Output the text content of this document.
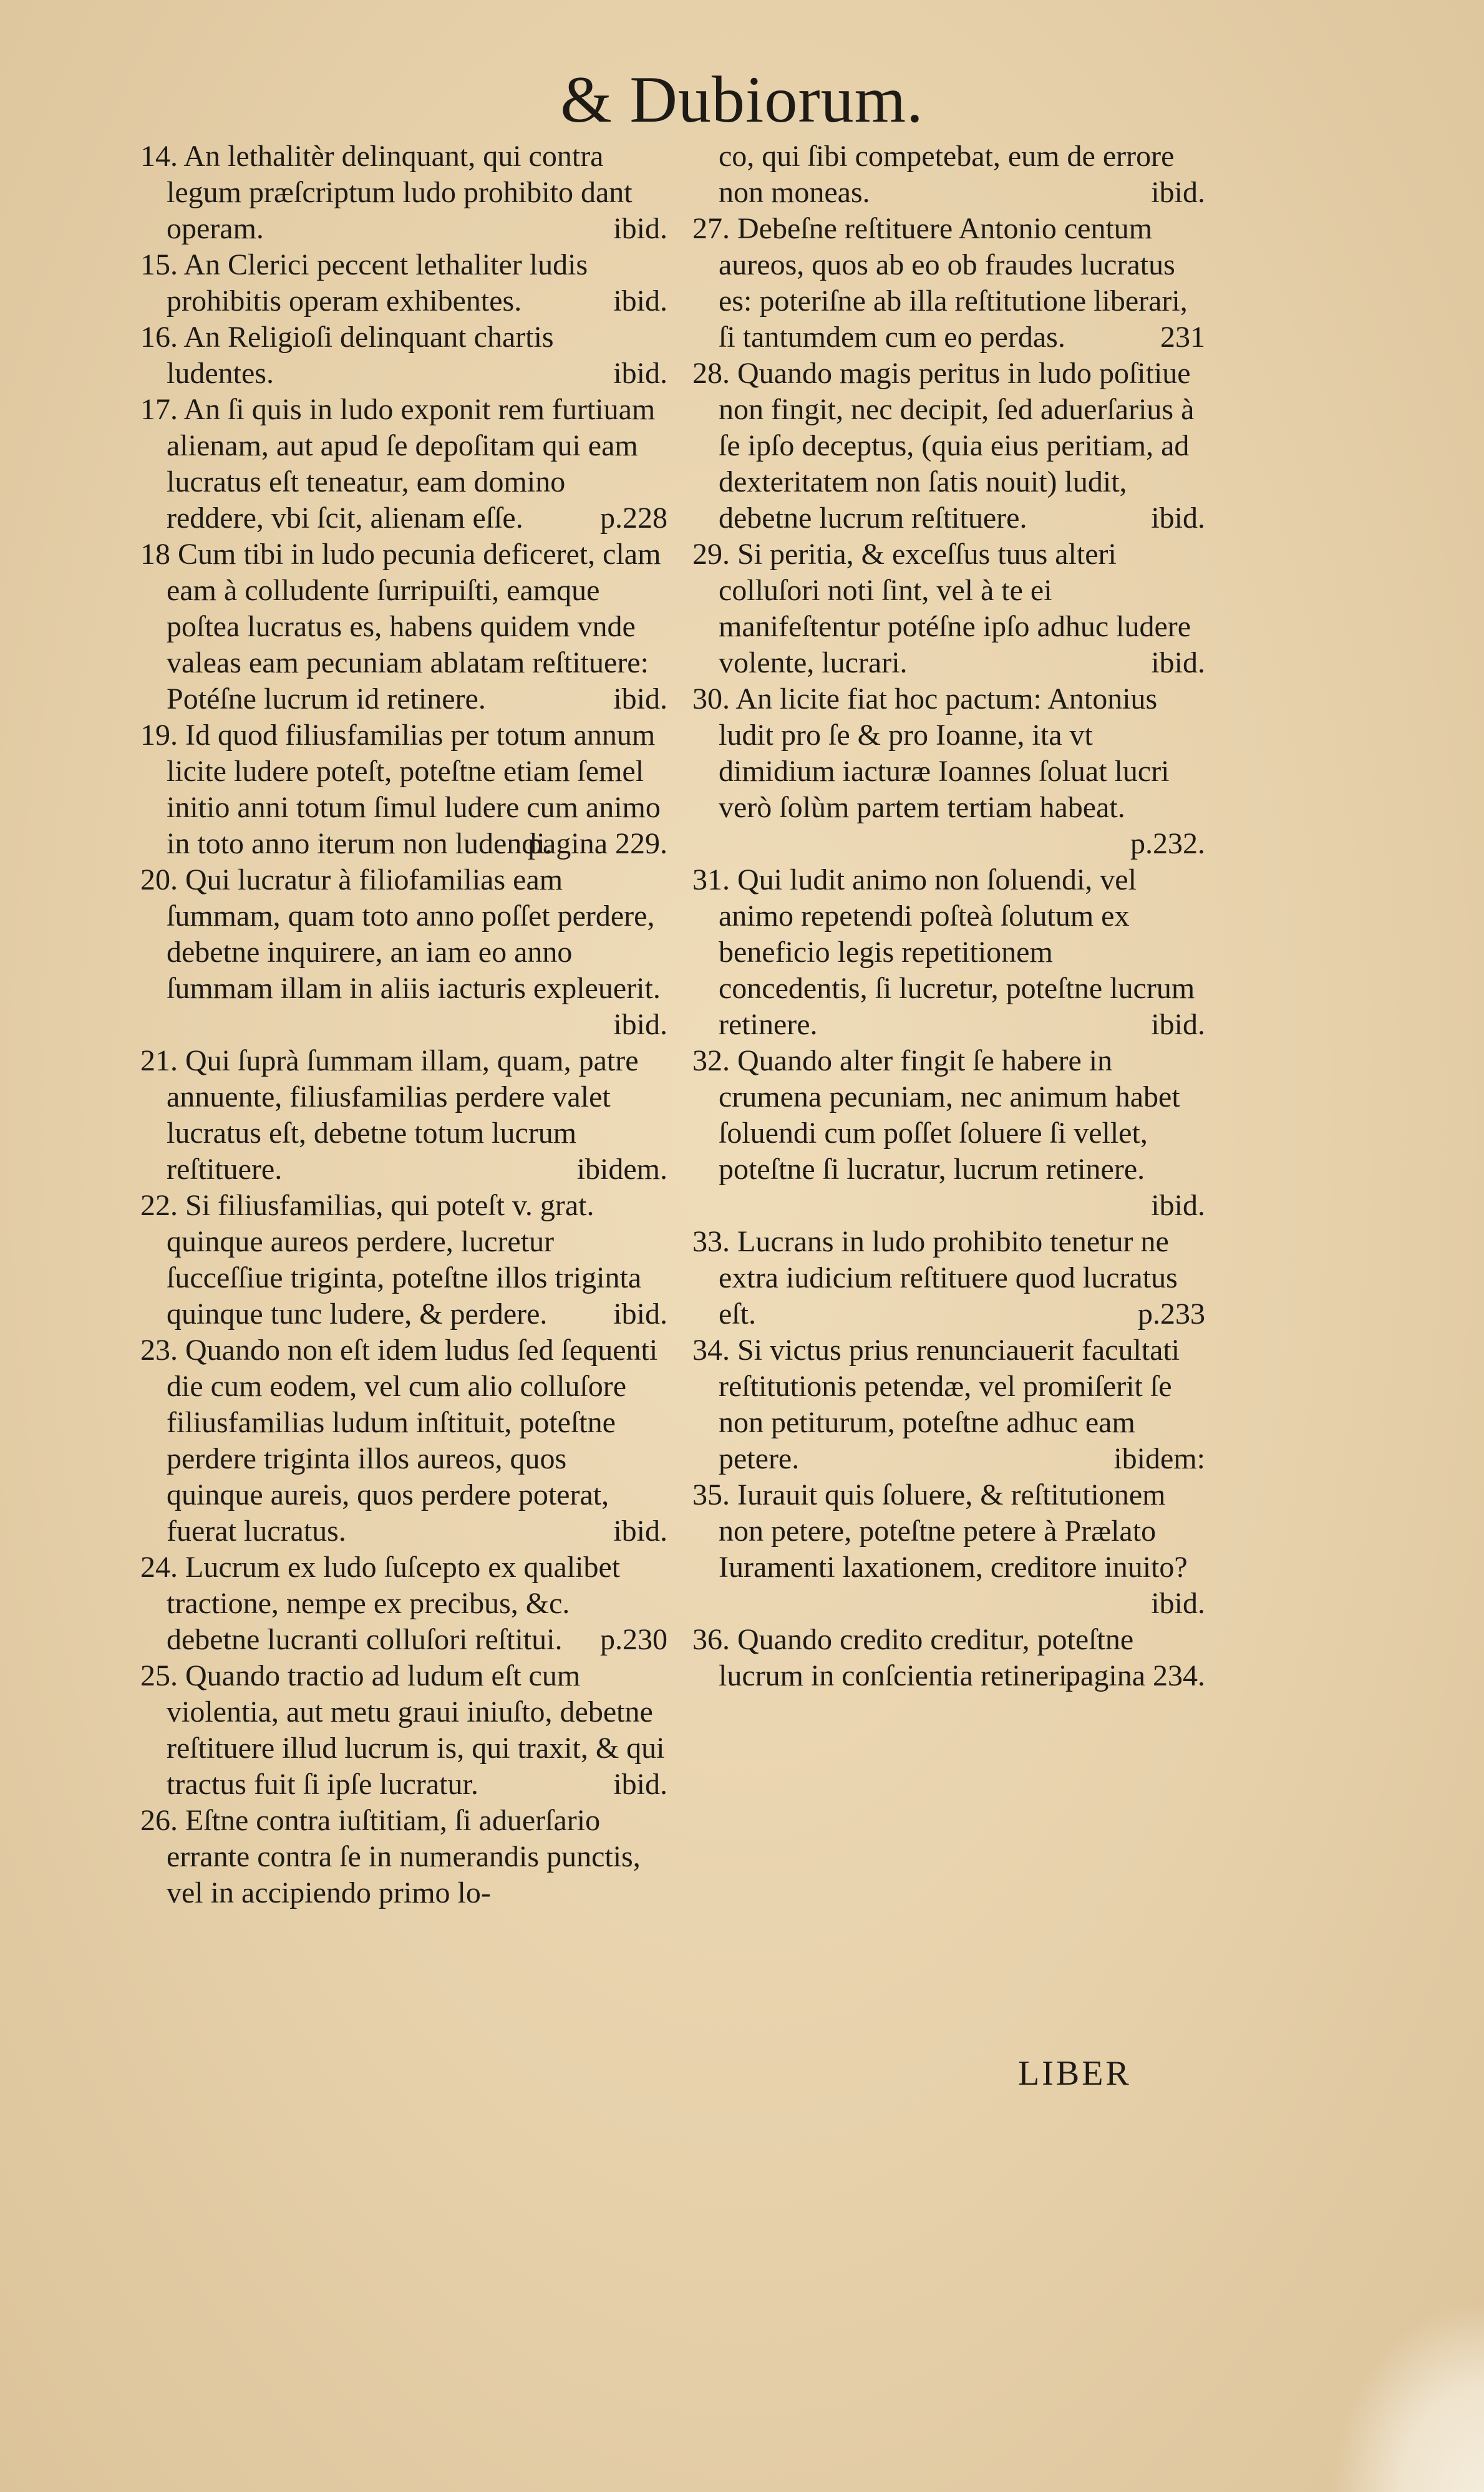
& Dubiorum.

14. An lethalitèr delinquant, qui contra legum præſcriptum ludo prohibito dant operam.	ibid.

15. An Clerici peccent lethaliter ludis prohibitis operam exhibentes.	ibid.

16. An Religioſi delinquant chartis ludentes.	ibid.

17. An ſi quis in ludo exponit rem furtiuam alienam, aut apud ſe depoſitam qui eam lucratus eſt teneatur, eam domino reddere, vbi ſcit, alienam eſſe.	p.228

18 Cum tibi in ludo pecunia deficeret, clam eam à colludente ſurripuiſti, eamque poſtea lucratus es, habens quidem vnde valeas eam pecuniam ablatam reſtituere: Potéſne lucrum id retinere.	ibid.

19. Id quod filiusfamilias per totum annum licite ludere poteſt, poteſtne etiam ſemel initio anni totum ſimul ludere cum animo in toto anno iterum non ludendi.
pagina 229.

20. Qui lucratur à filiofamilias eam ſummam, quam toto anno poſſet perdere, debetne inquirere, an iam eo anno ſummam illam in aliis iacturis expleuerit.
ibid.

21. Qui ſuprà ſummam illam, quam, patre annuente, filiusfamilias perdere valet lucratus eſt, debetne totum lucrum reſtituere.	ibidem.

22. Si filiusfamilias, qui poteſt v. grat. quinque aureos perdere, lucretur ſucceſſiue triginta, poteſtne illos triginta quinque tunc ludere, & perdere. ibid.

23. Quando non eſt idem ludus ſed ſequenti die cum eodem, vel cum alio colluſore filiusfamilias ludum inſtituit, poteſtne perdere triginta illos aureos, quos quinque aureis, quos perdere poterat, fuerat lucratus.	ibid.

24. Lucrum ex ludo ſuſcepto ex qualibet tractione, nempe ex precibus, &c. debetne lucranti colluſori reſtitui. p.230

25. Quando tractio ad ludum eſt cum violentia, aut metu graui iniuſto, debetne reſtituere illud lucrum is, qui traxit, & qui tractus fuit ſi ipſe lucratur.	ibid.

26. Eſtne contra iuſtitiam, ſi aduerſario errante contra ſe in numerandis punctis, vel in accipiendo primo lo-

co, qui ſibi competebat, eum de errore non moneas.	ibid.

27. Debeſne reſtituere Antonio centum aureos, quos ab eo ob fraudes lucratus es: poteriſne ab illa reſtitutione liberari, ſi tantumdem cum eo perdas.	231

28. Quando magis peritus in ludo poſitiue non fingit, nec decipit, ſed aduerſarius à ſe ipſo deceptus, (quia eius peritiam, ad dexteritatem non ſatis nouit) ludit, debetne lucrum reſtituere.	ibid.

29. Si peritia, & exceſſus tuus alteri colluſori noti ſint, vel à te ei manifeſtentur potéſne ipſo adhuc ludere volente, lucrari.	ibid.

30. An licite fiat hoc pactum: Antonius ludit pro ſe & pro Ioanne, ita vt dimidium iacturæ Ioannes ſoluat lucri verò ſolùm partem tertiam habeat.
p.232.

31. Qui ludit animo non ſoluendi, vel animo repetendi poſteà ſolutum ex beneficio legis repetitionem concedentis, ſi lucretur, poteſtne lucrum retinere.	ibid.

32. Quando alter fingit ſe habere in crumena pecuniam, nec animum habet ſoluendi cum poſſet ſoluere ſi vellet, poteſtne ſi lucratur, lucrum retinere.
ibid.

33. Lucrans in ludo prohibito tenetur ne extra iudicium reſtituere quod lucratus eſt.	p.233

34. Si victus prius renunciauerit facultati reſtitutionis petendæ, vel promiſerit ſe non petiturum, poteſtne adhuc eam petere.	ibidem:

35. Iurauit quis ſoluere, & reſtitutionem non petere, poteſtne petere à Prælato Iuramenti laxationem, creditore inuito?
ibid.

36. Quando credito creditur, poteſtne lucrum in conſcientia retineri.
pagina 234.

LIBER
